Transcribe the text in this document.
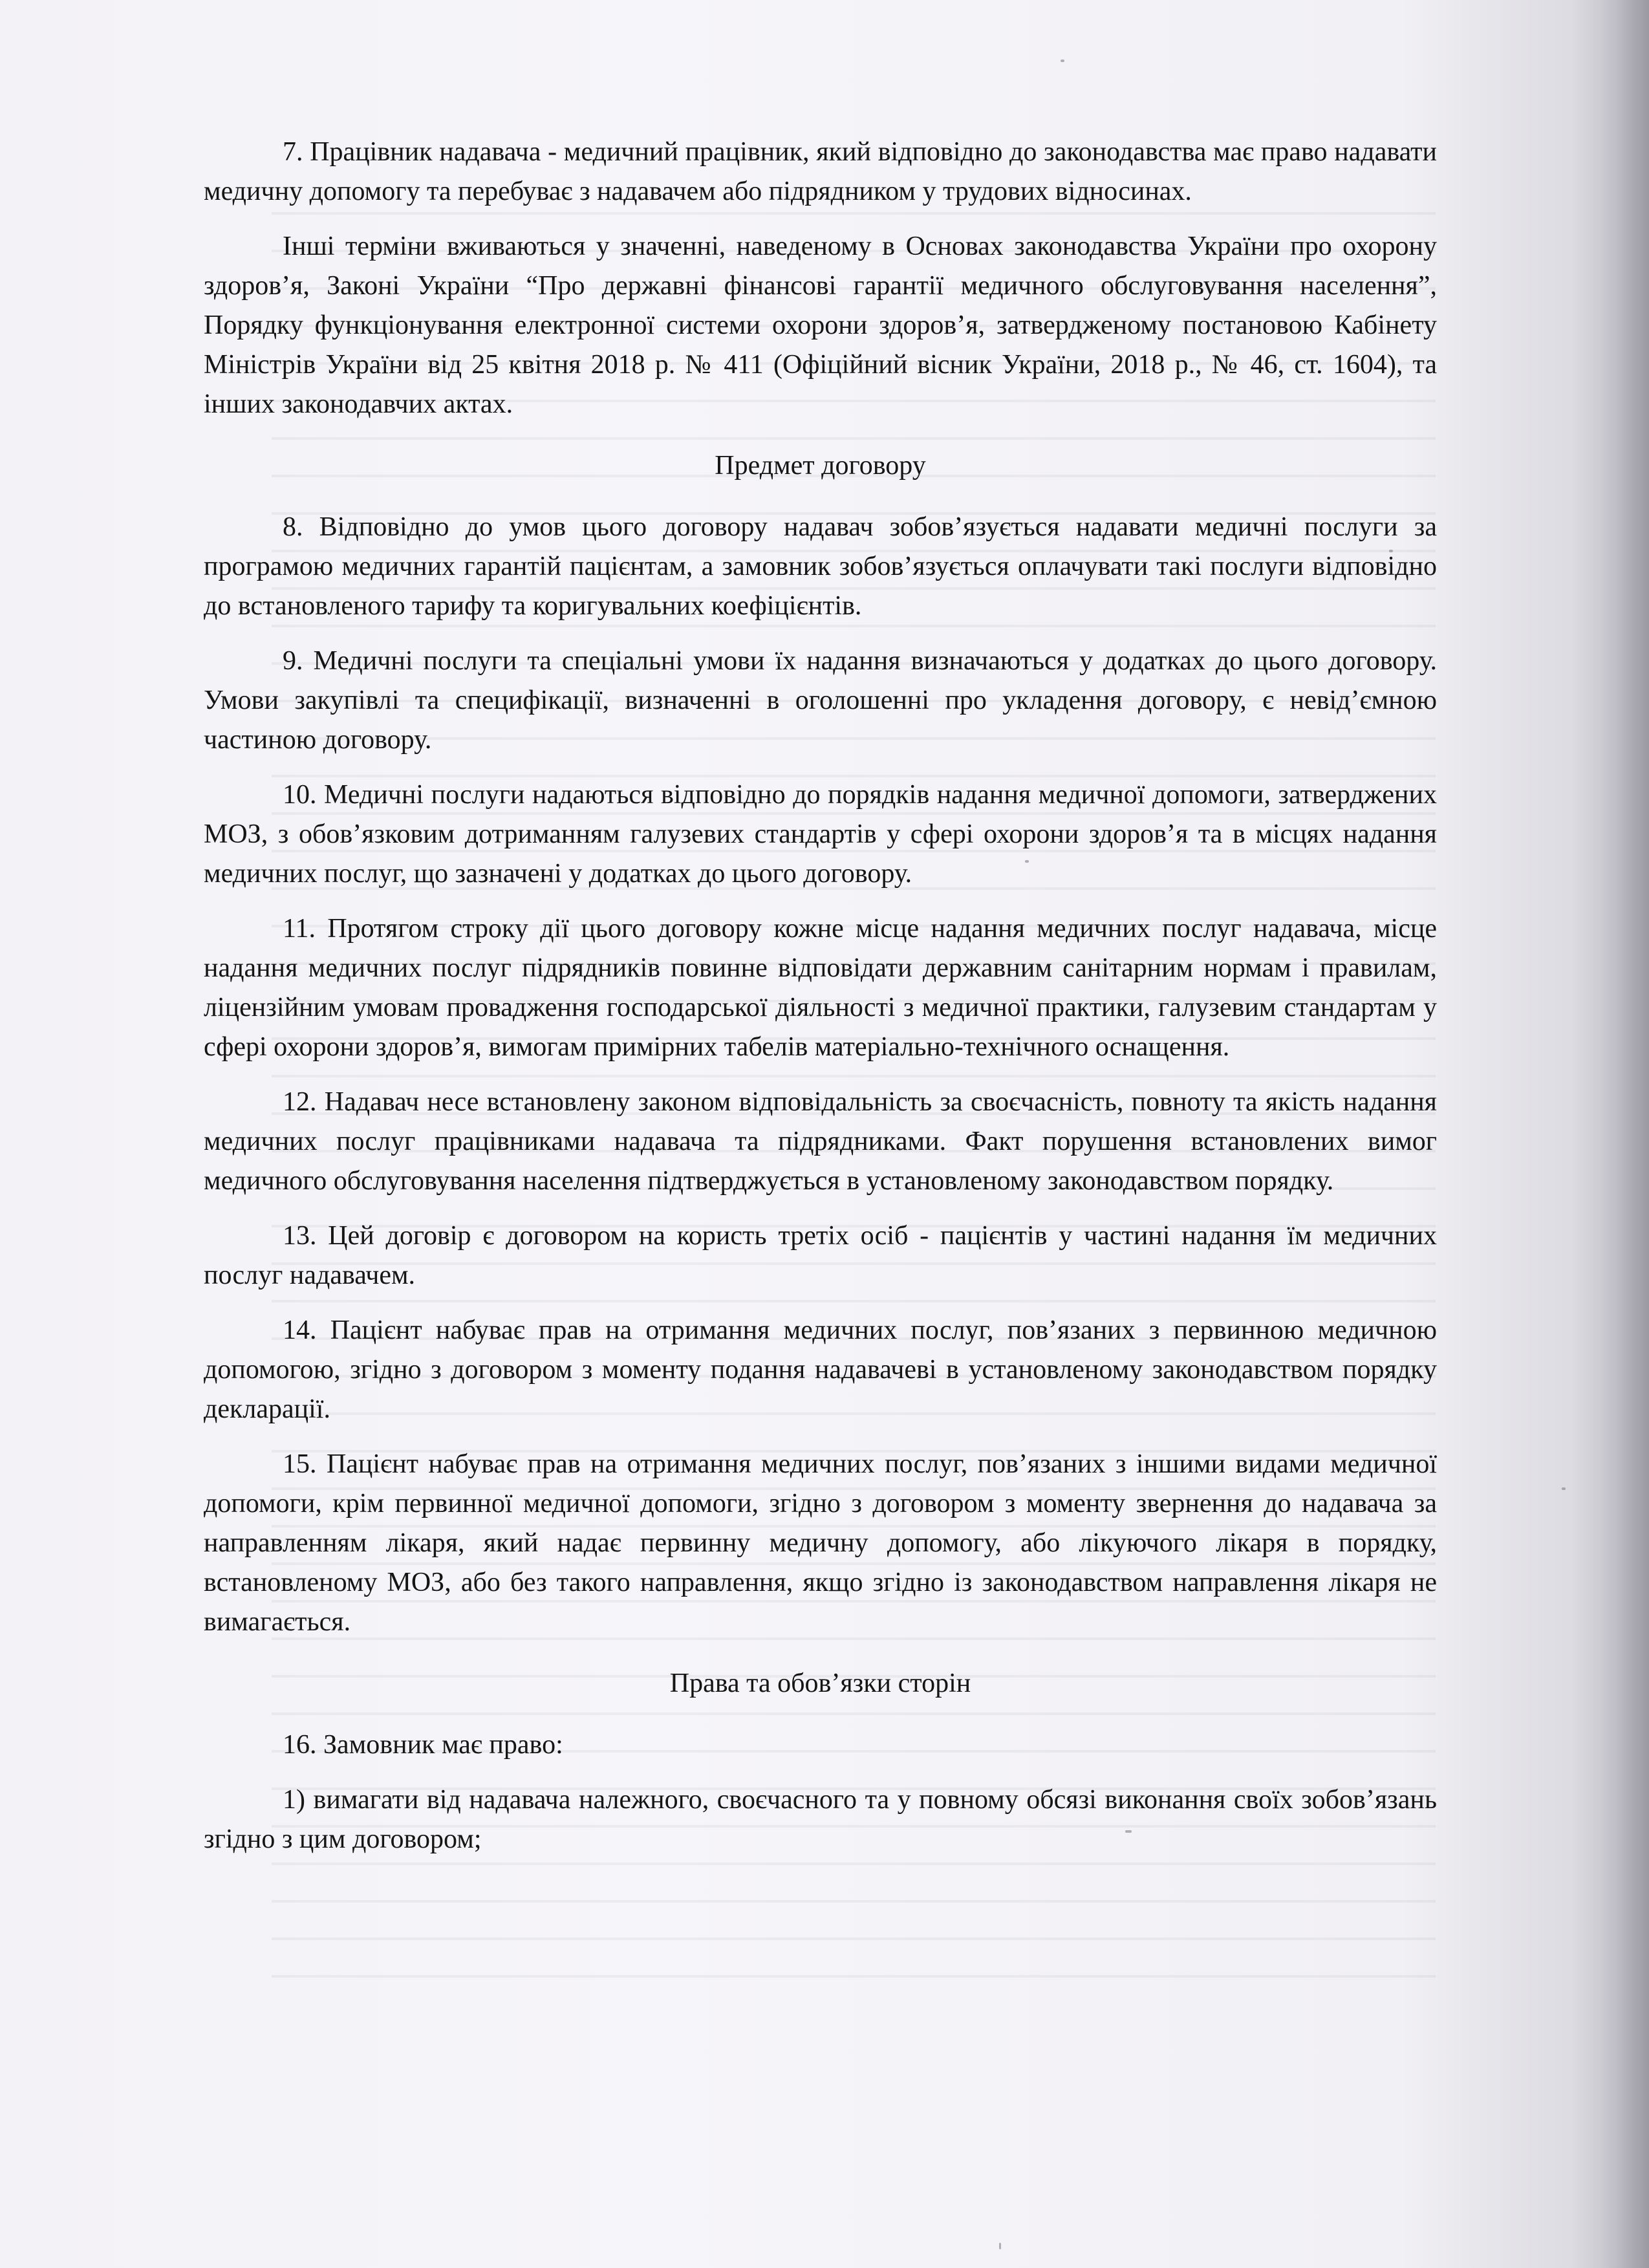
7. Працівник надавача - медичний працівник, який відповідно до законодавства має право надавати медичну допомогу та перебуває з надавачем або підрядником у трудових відносинах.

Інші терміни вживаються у значенні, наведеному в Основах законодавства України про охорону здоров’я, Законі України “Про державні фінансові гарантії медичного обслуговування населення”, Порядку функціонування електронної системи охорони здоров’я, затвердженому постановою Кабінету Міністрів України від 25 квітня 2018 р. № 411 (Офіційний вісник України, 2018 р., № 46, ст. 1604), та інших законодавчих актах.

Предмет договору

8. Відповідно до умов цього договору надавач зобов’язується надавати медичні послуги за програмою медичних гарантій пацієнтам, а замовник зобов’язується оплачувати такі послуги відповідно до встановленого тарифу та коригувальних коефіцієнтів.

9. Медичні послуги та спеціальні умови їх надання визначаються у додатках до цього договору. Умови закупівлі та специфікації, визначенні в оголошенні про укладення договору, є невід’ємною частиною договору.

10. Медичні послуги надаються відповідно до порядків надання медичної допомоги, затверджених МОЗ, з обов’язковим дотриманням галузевих стандартів у сфері охорони здоров’я та в місцях надання медичних послуг, що зазначені у додатках до цього договору.

11. Протягом строку дії цього договору кожне місце надання медичних послуг надавача, місце надання медичних послуг підрядників повинне відповідати державним санітарним нормам і правилам, ліцензійним умовам провадження господарської діяльності з медичної практики, галузевим стандартам у сфері охорони здоров’я, вимогам примірних табелів матеріально-технічного оснащення.

12. Надавач несе встановлену законом відповідальність за своєчасність, повноту та якість надання медичних послуг працівниками надавача та підрядниками. Факт порушення встановлених вимог медичного обслуговування населення підтверджується в установленому законодавством порядку.

13. Цей договір є договором на користь третіх осіб - пацієнтів у частині надання їм медичних послуг надавачем.

14. Пацієнт набуває прав на отримання медичних послуг, пов’язаних з первинною медичною допомогою, згідно з договором з моменту подання надавачеві в установленому законодавством порядку декларації.

15. Пацієнт набуває прав на отримання медичних послуг, пов’язаних з іншими видами медичної допомоги, крім первинної медичної допомоги, згідно з договором з моменту звернення до надавача за направленням лікаря, який надає первинну медичну допомогу, або лікуючого лікаря в порядку, встановленому МОЗ, або без такого направлення, якщо згідно із законодавством направлення лікаря не вимагається.

Права та обов’язки сторін

16. Замовник має право:

1) вимагати від надавача належного, своєчасного та у повному обсязі виконання своїх зобов’язань згідно з цим договором;
